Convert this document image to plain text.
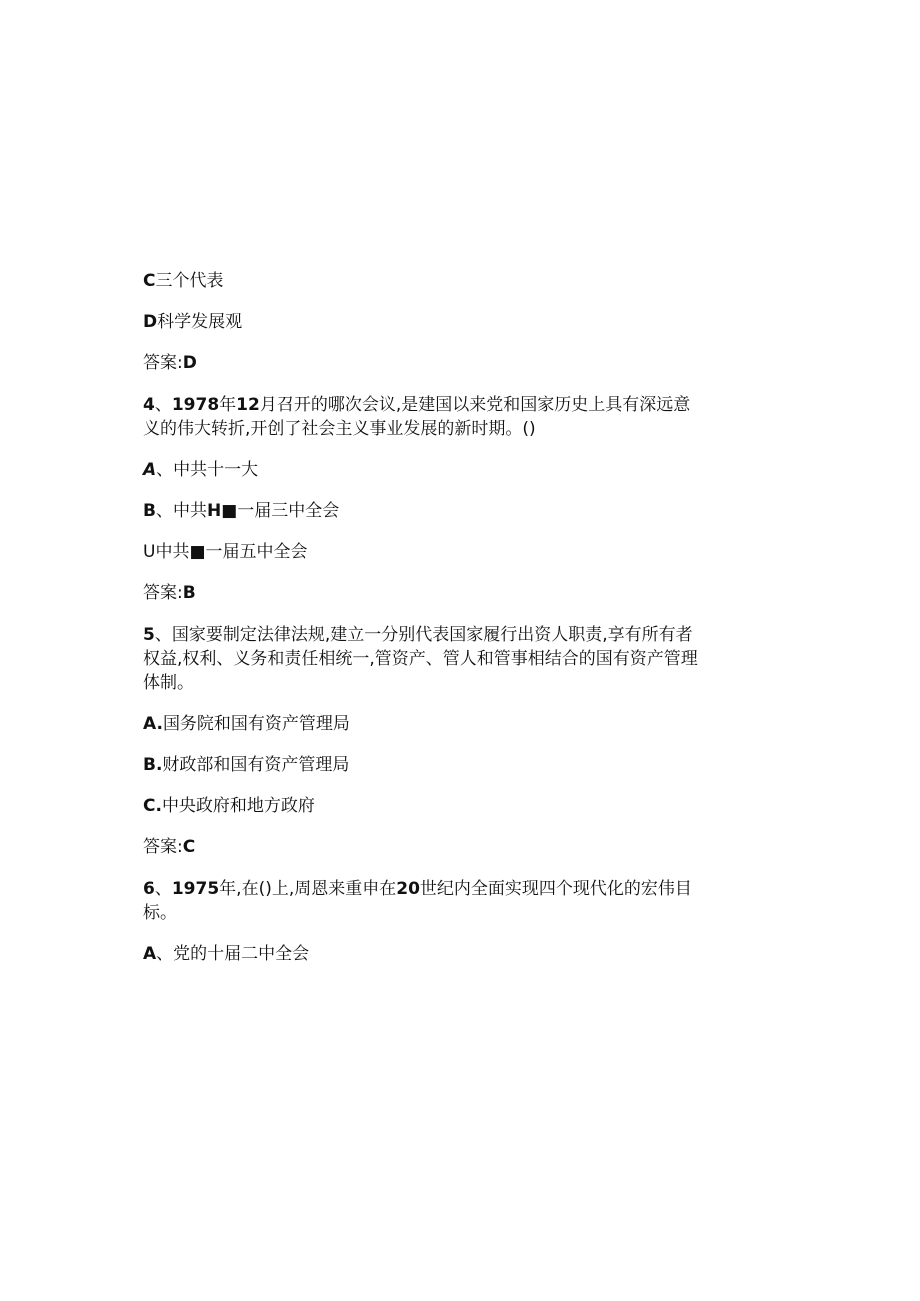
C三个代表
D科学发展观
答案:D
4、1978年12月召开的哪次会议,是建国以来党和国家历史上具有深远意义的伟大转折,开创了社会主义事业发展的新时期。()
A、中共十一大
B、中共H■一届三中全会
U中共■一届五中全会
答案:B
5、国家要制定法律法规,建立一分别代表国家履行出资人职责,享有所有者权益,权利、义务和责任相统一,管资产、管人和管事相结合的国有资产管理体制。
A.国务院和国有资产管理局
B.财政部和国有资产管理局
C.中央政府和地方政府
答案:C
6、1975年,在()上,周恩来重申在20世纪内全面实现四个现代化的宏伟目标。
A、党的十届二中全会
